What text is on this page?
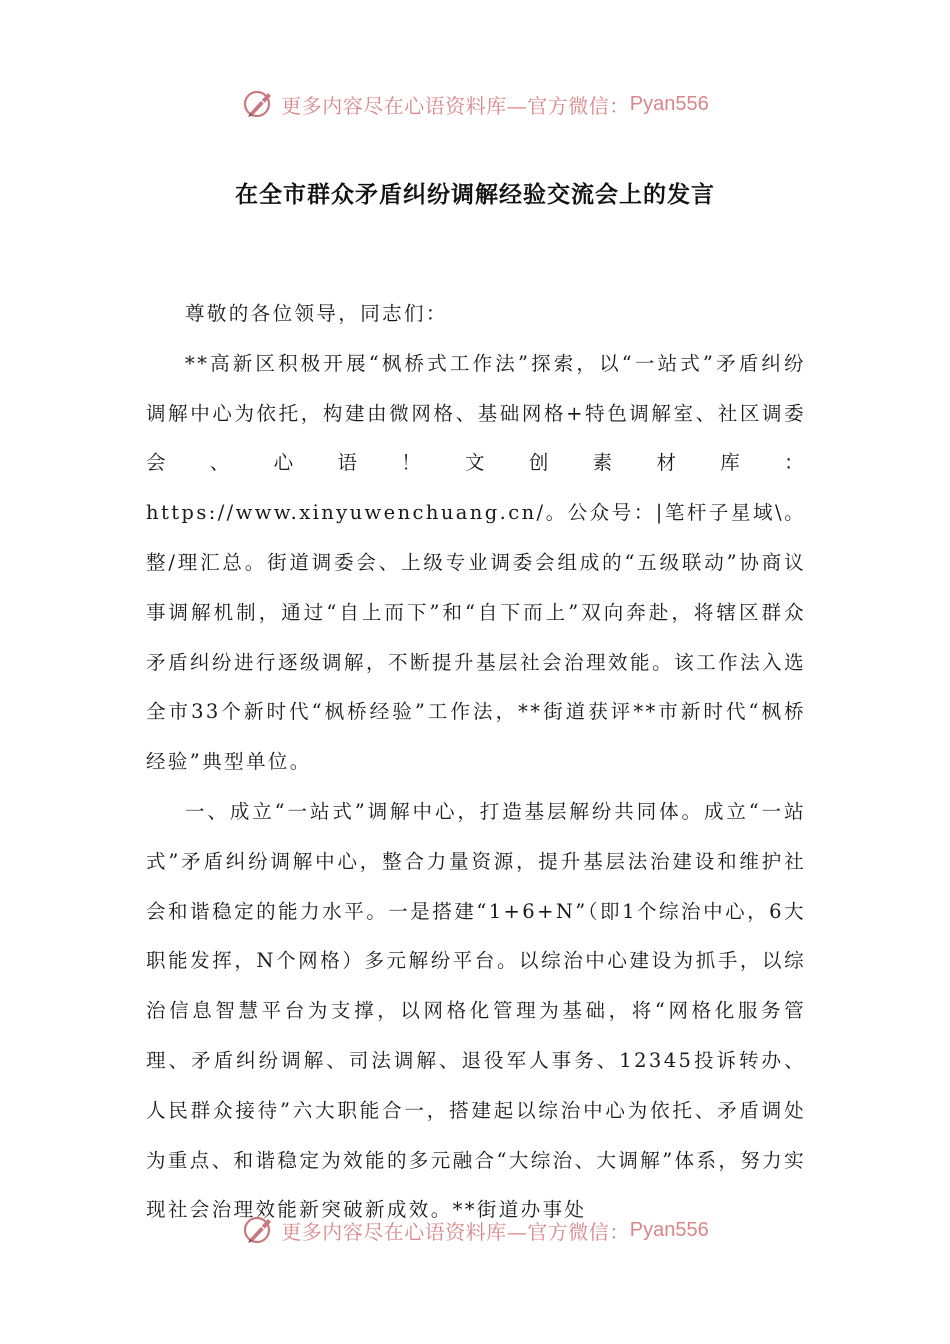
更多内容尽在心语资料库—官方微信： Pyan556
在全市群众矛盾纠纷调解经验交流会上的发言

尊敬的各位领导，同志们：

**高新区积极开展“枫桥式工作法”探索，以“一站式”矛盾纠纷调解中心为依托，构建由微网格、基础网格+特色调解室、社区调委会、心语！文创素材库：https://www.xinyuwenchuang.cn/。公众号：|笔杆子星域\。整/理汇总。街道调委会、上级专业调委会组成的“五级联动”协商议事调解机制，通过“自上而下”和“自下而上”双向奔赴，将辖区群众矛盾纠纷进行逐级调解，不断提升基层社会治理效能。该工作法入选全市33个新时代“枫桥经验”工作法，**街道获评**市新时代“枫桥经验”典型单位。

一、成立“一站式”调解中心，打造基层解纷共同体。成立“一站式”矛盾纠纷调解中心，整合力量资源，提升基层法治建设和维护社会和谐稳定的能力水平。一是搭建“1+6+N”（即1个综治中心，6大职能发挥，N个网格）多元解纷平台。以综治中心建设为抓手，以综治信息智慧平台为支撑，以网格化管理为基础，将“网格化服务管理、矛盾纠纷调解、司法调解、退役军人事务、12345投诉转办、人民群众接待”六大职能合一，搭建起以综治中心为依托、矛盾调处为重点、和谐稳定为效能的多元融合“大综治、大调解”体系，努力实现社会治理效能新突破新成效。**街道办事处

更多内容尽在心语资料库—官方微信： Pyan556
